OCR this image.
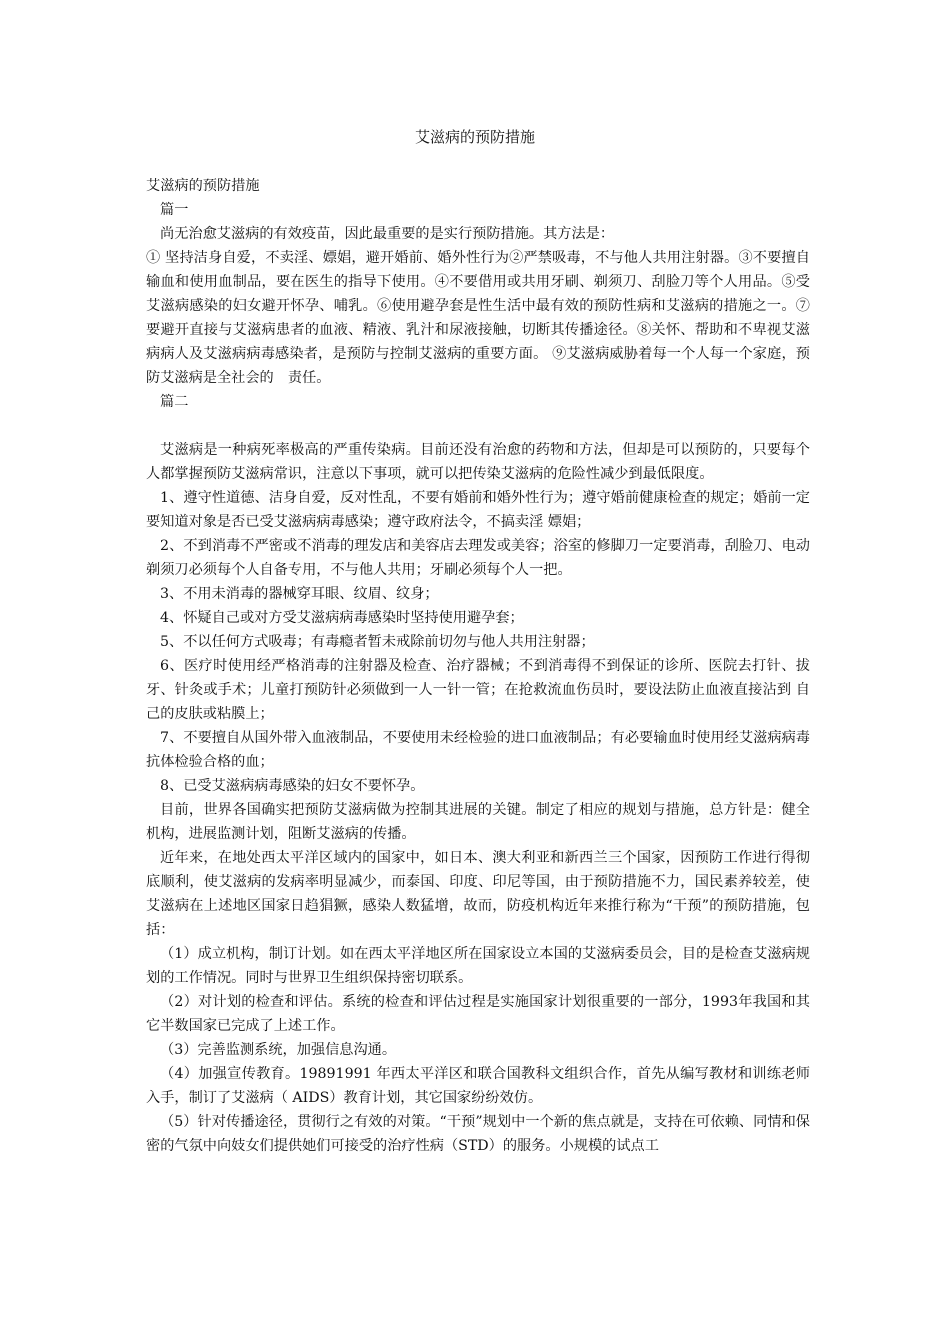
艾滋病的预防措施

艾滋病的预防措施

篇一

尚无治愈艾滋病的有效疫苗，因此最重要的是实行预防措施。其方法是：

① 坚持洁身自爱，不卖淫、嫖娼，避开婚前、婚外性行为②严禁吸毒，不与他人共用注射器。③不要擅自输血和使用血制品，要在医生的指导下使用。④不要借用或共用牙刷、剃须刀、刮脸刀等个人用品。⑤受艾滋病感染的妇女避开怀孕、哺乳。⑥使用避孕套是性生活中最有效的预防性病和艾滋病的措施之一。⑦要避开直接与艾滋病患者的血液、精液、乳汁和尿液接触，切断其传播途径。⑧关怀、帮助和不卑视艾滋病病人及艾滋病病毒感染者，是预防与控制艾滋病的重要方面。 ⑨艾滋病威胁着每一个人每一个家庭，预防艾滋病是全社会的　责任。

篇二

艾滋病是一种病死率极高的严重传染病。目前还没有治愈的药物和方法，但却是可以预防的，只要每个人都掌握预防艾滋病常识，注意以下事项，就可以把传染艾滋病的危险性减少到最低限度。

1、遵守性道德、洁身自爱，反对性乱，不要有婚前和婚外性行为；遵守婚前健康检查的规定；婚前一定要知道对象是否已受艾滋病病毒感染；遵守政府法令，不搞卖淫 嫖娼；

2、不到消毒不严密或不消毒的理发店和美容店去理发或美容；浴室的修脚刀一定要消毒，刮脸刀、电动剃须刀必须每个人自备专用，不与他人共用；牙刷必须每个人一把。

3、不用未消毒的器械穿耳眼、纹眉、纹身；

4、怀疑自己或对方受艾滋病病毒感染时坚持使用避孕套；

5、不以任何方式吸毒；有毒瘾者暂未戒除前切勿与他人共用注射器；

6、医疗时使用经严格消毒的注射器及检查、治疗器械；不到消毒得不到保证的诊所、医院去打针、拔牙、针灸或手术；儿童打预防针必须做到一人一针一管；在抢救流血伤员时，要设法防止血液直接沾到 自己的皮肤或粘膜上；

7、不要擅自从国外带入血液制品，不要使用未经检验的进口血液制品；有必要输血时使用经艾滋病病毒抗体检验合格的血；

8、已受艾滋病病毒感染的妇女不要怀孕。

目前，世界各国确实把预防艾滋病做为控制其进展的关键。制定了相应的规划与措施，总方针是：健全机构，进展监测计划，阻断艾滋病的传播。

近年来，在地处西太平洋区域内的国家中，如日本、澳大利亚和新西兰三个国家，因预防工作进行得彻底顺利，使艾滋病的发病率明显减少，而泰国、印度、印尼等国，由于预防措施不力，国民素养较差，使艾滋病在上述地区国家日趋猖獗，感染人数猛增，故而，防疫机构近年来推行称为“干预”的预防措施，包括：

（1）成立机构，制订计划。如在西太平洋地区所在国家设立本国的艾滋病委员会，目的是检查艾滋病规划的工作情况。同时与世界卫生组织保持密切联系。

（2）对计划的检查和评估。系统的检查和评估过程是实施国家计划很重要的一部分，1993年我国和其它半数国家已完成了上述工作。

（3）完善监测系统，加强信息沟通。

（4）加强宣传教育。19891991 年西太平洋区和联合国教科文组织合作，首先从编写教材和训练老师入手，制订了艾滋病（ AIDS）教育计划，其它国家纷纷效仿。

（5）针对传播途径，贯彻行之有效的对策。“干预”规划中一个新的焦点就是，支持在可依赖、同情和保密的气氛中向妓女们提供她们可接受的治疗性病（STD）的服务。小规模的试点工
